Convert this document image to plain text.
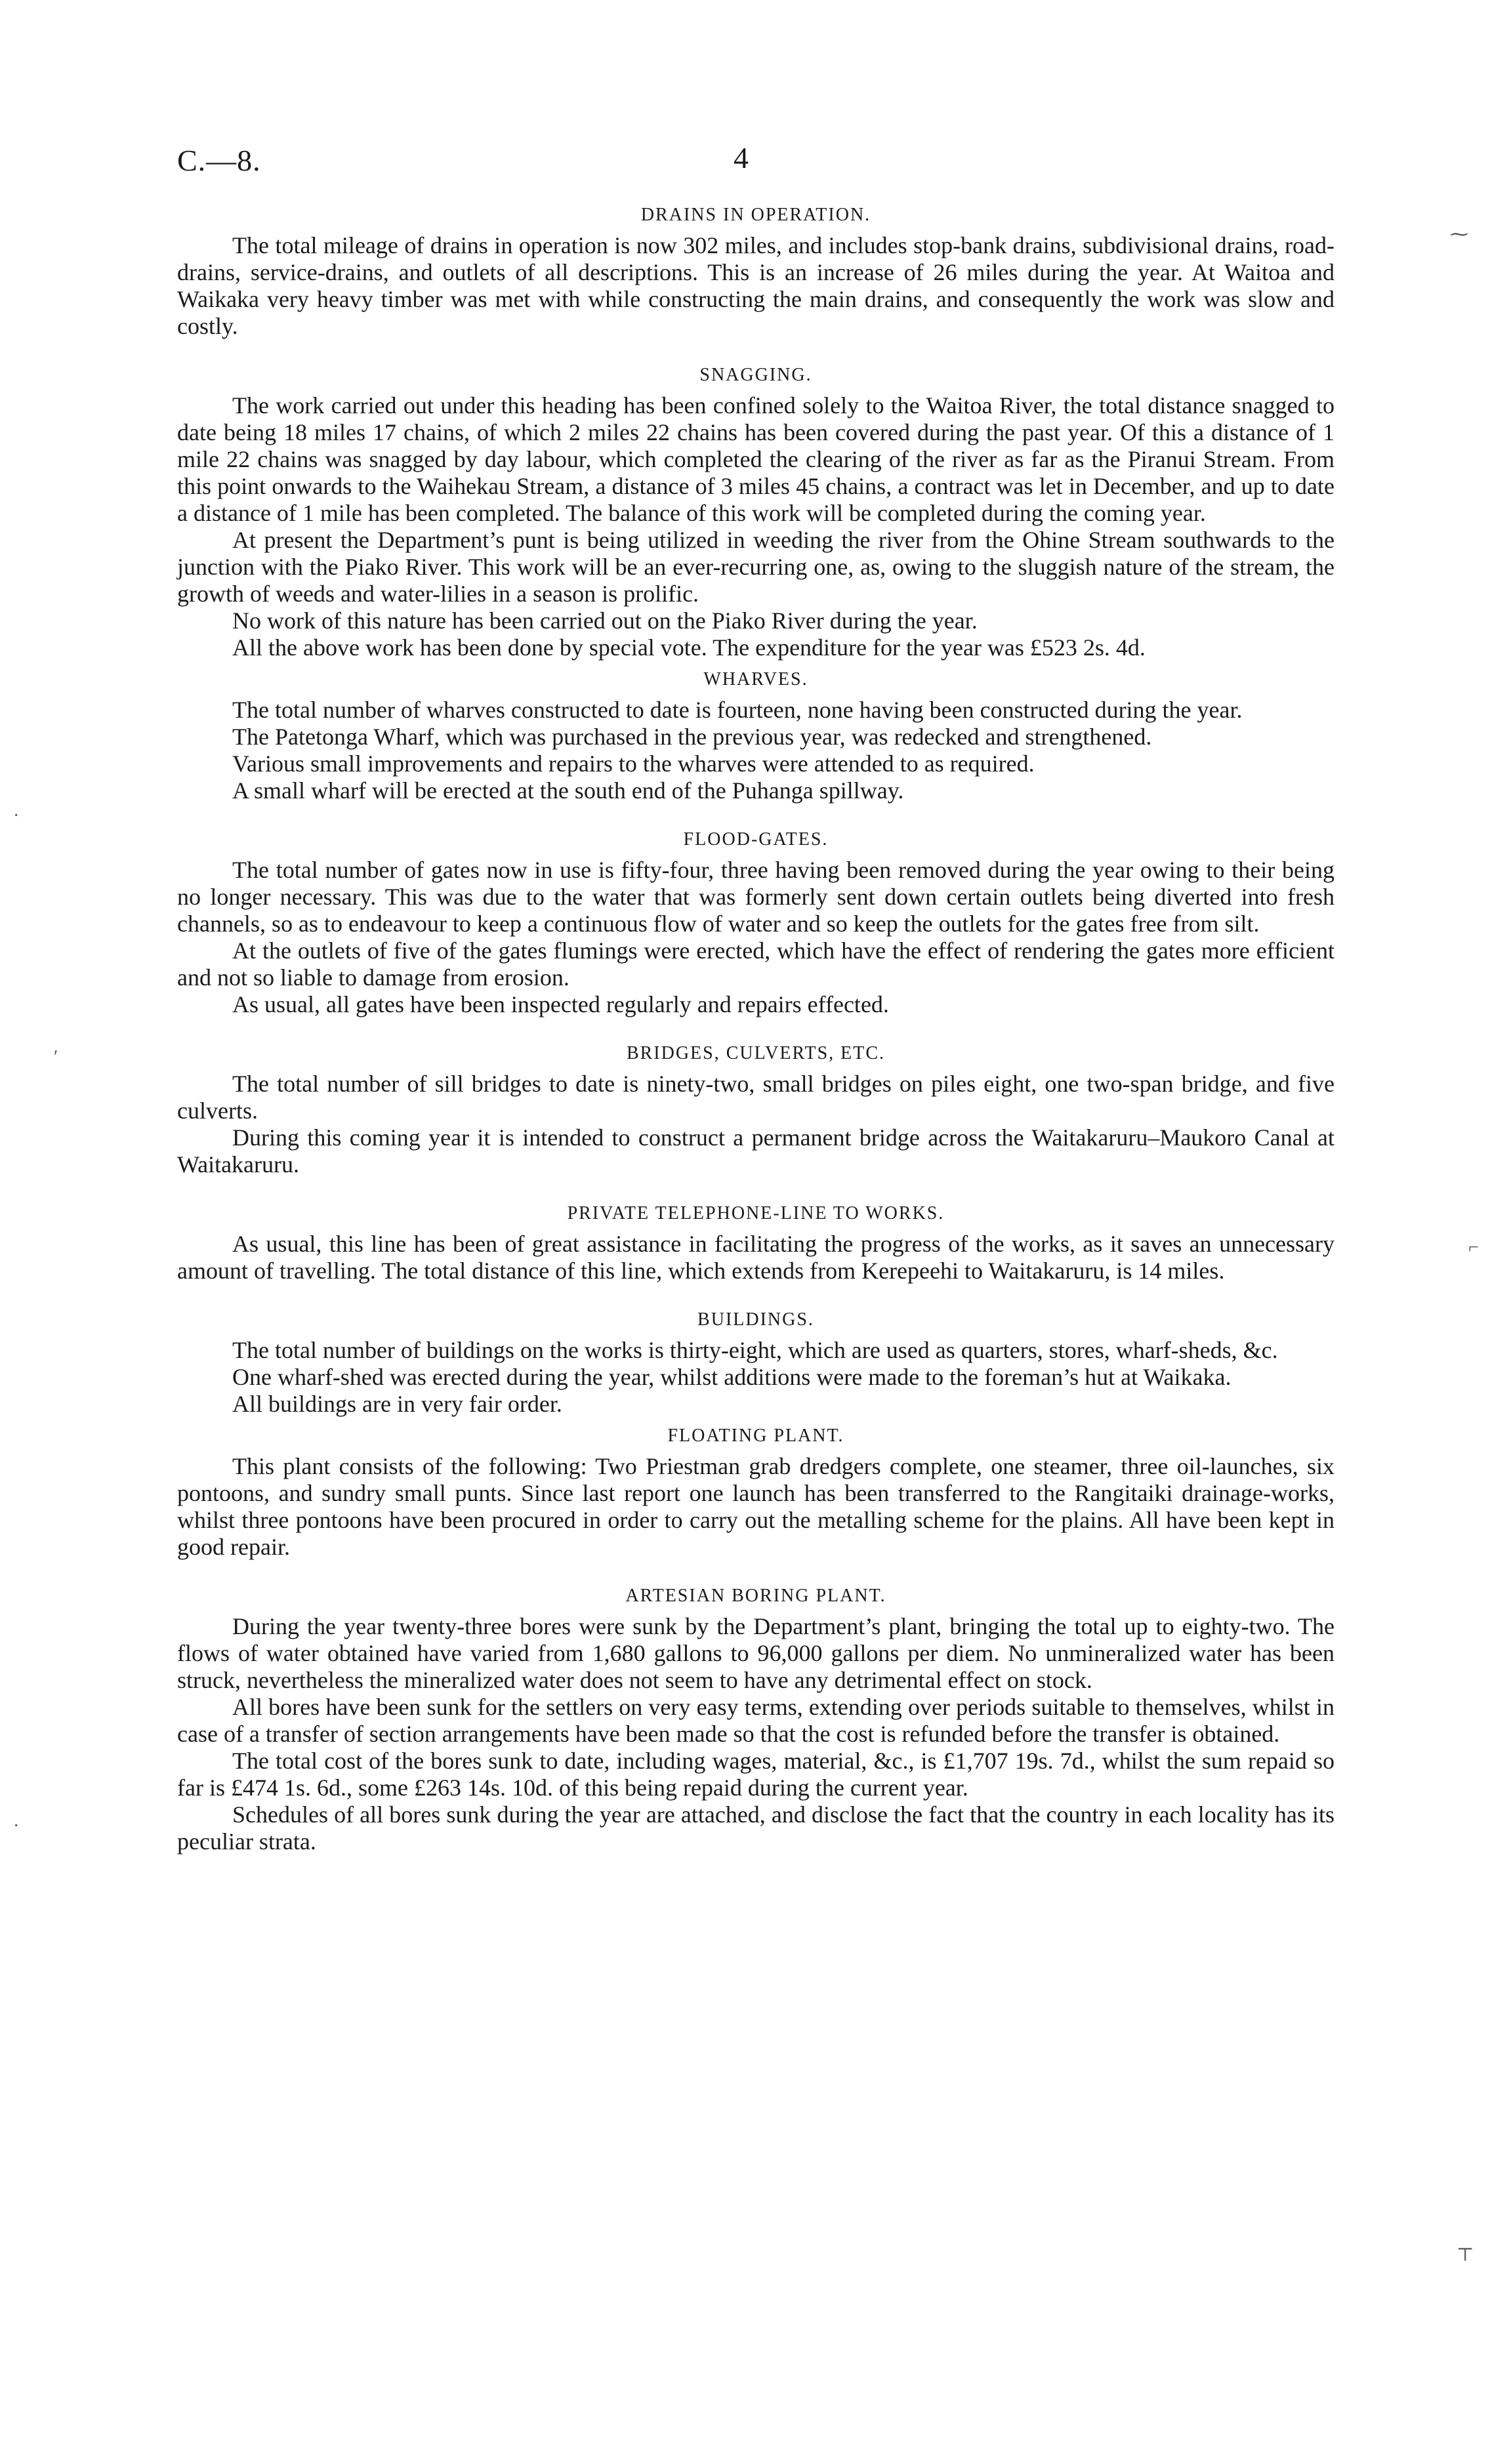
C.—8.	4
DRAINS IN OPERATION.

The total mileage of drains in operation is now 302 miles, and includes stop-bank drains, subdivisional drains, road-drains, service-drains, and outlets of all descriptions. This is an increase of 26 miles during the year. At Waitoa and Waikaka very heavy timber was met with while constructing the main drains, and consequently the work was slow and costly.

SNAGGING.

The work carried out under this heading has been confined solely to the Waitoa River, the total distance snagged to date being 18 miles 17 chains, of which 2 miles 22 chains has been covered during the past year. Of this a distance of 1 mile 22 chains was snagged by day labour, which completed the clearing of the river as far as the Piranui Stream. From this point onwards to the Waihekau Stream, a distance of 3 miles 45 chains, a contract was let in December, and up to date a distance of 1 mile has been completed. The balance of this work will be completed during the coming year.

At present the Department’s punt is being utilized in weeding the river from the Ohine Stream southwards to the junction with the Piako River. This work will be an ever-recurring one, as, owing to the sluggish nature of the stream, the growth of weeds and water-lilies in a season is prolific.

No work of this nature has been carried out on the Piako River during the year.

All the above work has been done by special vote. The expenditure for the year was £523 2s. 4d.

WHARVES.

The total number of wharves constructed to date is fourteen, none having been constructed during the year.

The Patetonga Wharf, which was purchased in the previous year, was redecked and strengthened.

Various small improvements and repairs to the wharves were attended to as required.

A small wharf will be erected at the south end of the Puhanga spillway.

FLOOD-GATES.

The total number of gates now in use is fifty-four, three having been removed during the year owing to their being no longer necessary. This was due to the water that was formerly sent down certain outlets being diverted into fresh channels, so as to endeavour to keep a continuous flow of water and so keep the outlets for the gates free from silt.

At the outlets of five of the gates flumings were erected, which have the effect of rendering the gates more efficient and not so liable to damage from erosion.

As usual, all gates have been inspected regularly and repairs effected.

BRIDGES, CULVERTS, ETC.

The total number of sill bridges to date is ninety-two, small bridges on piles eight, one two-span bridge, and five culverts.

During this coming year it is intended to construct a permanent bridge across the Waitakaruru–Maukoro Canal at Waitakaruru.

PRIVATE TELEPHONE-LINE TO WORKS.

As usual, this line has been of great assistance in facilitating the progress of the works, as it saves an unnecessary amount of travelling. The total distance of this line, which extends from Kerepeehi to Waitakaruru, is 14 miles.

BUILDINGS.

The total number of buildings on the works is thirty-eight, which are used as quarters, stores, wharf-sheds, &c.

One wharf-shed was erected during the year, whilst additions were made to the foreman’s hut at Waikaka.

All buildings are in very fair order.

FLOATING PLANT.

This plant consists of the following: Two Priestman grab dredgers complete, one steamer, three oil-launches, six pontoons, and sundry small punts. Since last report one launch has been transferred to the Rangitaiki drainage-works, whilst three pontoons have been procured in order to carry out the metalling scheme for the plains. All have been kept in good repair.

ARTESIAN BORING PLANT.

During the year twenty-three bores were sunk by the Department’s plant, bringing the total up to eighty-two. The flows of water obtained have varied from 1,680 gallons to 96,000 gallons per diem. No unmineralized water has been struck, nevertheless the mineralized water does not seem to have any detrimental effect on stock.

All bores have been sunk for the settlers on very easy terms, extending over periods suitable to themselves, whilst in case of a transfer of section arrangements have been made so that the cost is refunded before the transfer is obtained.

The total cost of the bores sunk to date, including wages, material, &c., is £1,707 19s. 7d., whilst the sum repaid so far is £474 1s. 6d., some £263 14s. 10d. of this being repaid during the current year.

Schedules of all bores sunk during the year are attached, and disclose the fact that the country in each locality has its peculiar strata.

⁓
·
ʹ
⌐
·
⊤
